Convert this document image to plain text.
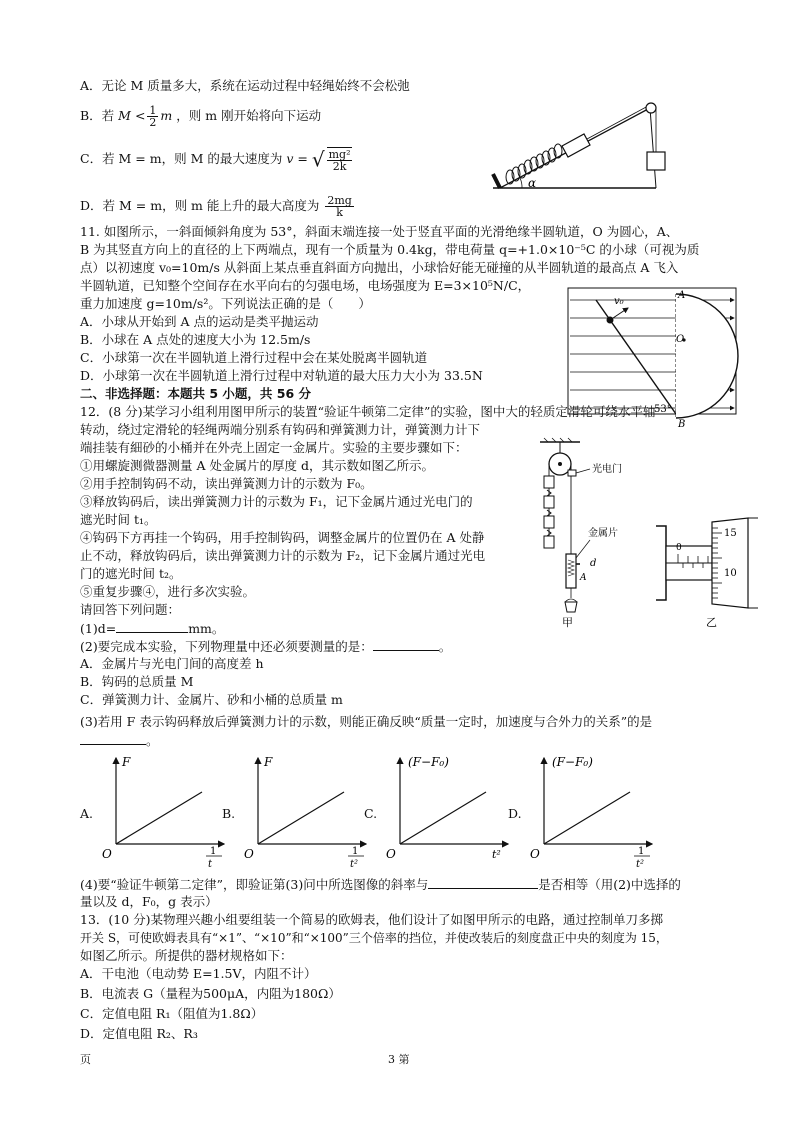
A．无论 M 质量多大，系统在运动过程中轻绳始终不会松弛
B．若 $M < \frac{1}{2}$ m ，则 m 刚开始将向下运动
C．若 M = m，则 M 的最大速度为 v = √ $\frac{\text{mg²}}{2k}$
D．若 M = m，则 m 能上升的最大高度为 $\frac{2mg}{k}$
α
11. 如图所示，一斜面倾斜角度为 53°，斜面末端连接一处于竖直平面的光滑绝缘半圆轨道，O 为圆心，A、
B 为其竖直方向上的直径的上下两端点，现有一个质量为 0.4kg，带电荷量 q=+1.0×10⁻⁵C 的小球（可视为质
点）以初速度 v₀=10m/s 从斜面上某点垂直斜面方向抛出，小球恰好能无碰撞的从半圆轨道的最高点 A 飞入
半圆轨道，已知整个空间存在水平向右的匀强电场，电场强度为 E=3×10⁵N/C，
重力加速度 g=10m/s²。下列说法正确的是（　　）
A．小球从开始到 A 点的运动是类平抛运动
B．小球在 A 点处的速度大小为 12.5m/s
C．小球第一次在半圆轨道上滑行过程中会在某处脱离半圆轨道
D．小球第一次在半圆轨道上滑行过程中对轨道的最大压力大小为 33.5N
v₀
A
O
B
53°
二、非选择题：本题共 5 小题，共 56 分
12．(8 分)某学习小组利用图甲所示的装置“验证牛顿第二定律”的实验，图中大的轻质定滑轮可绕水平轴
转动，绕过定滑轮的轻绳两端分别系有钩码和弹簧测力计，弹簧测力计下
端挂装有細砂的小桶并在外壳上固定一金属片。实验的主要步骤如下：
①用螺旋测微器测量 A 处金属片的厚度 d，其示数如图乙所示。
②用手控制钩码不动，读出弹簧测力计的示数为 F₀。
③释放钩码后，读出弹簧测力计的示数为 F₁，记下金属片通过光电门的
遮光时间 t₁。
④钩码下方再挂一个钩码，用手控制钩码，调整金属片的位置仍在 A 处静
止不动，释放钩码后，读出弹簧测力计的示数为 F₂，记下金属片通过光电
门的遮光时间 t₂。
⑤重复步骤④，进行多次实验。
请回答下列问题：
(1)d=	mm。
(2)要完成本实验，下列物理量中还必须要测量的是：	。
A．金属片与光电门间的高度差 h
B．钩码的总质量 M
C．弹簧测力计、金属片、砂和小桶的总质量 m
(3)若用 F 表示钩码释放后弹簧测力计的示数，则能正确反映“质量一定时，加速度与合外力的关系”的是
。
光电门
金属片
d
A
甲
0
15
10
乙
A.
F
O	1
t
B.
F
O	1
t²
C.
(F−F₀)
O	t²
D.
(F−F₀)
O	1
t²
(4)要“验证牛顿第二定律”，即验证第(3)问中所选图像的斜率与	是否相等（用(2)中选择的
量以及 d，F₀，g 表示）
13．(10 分)某物理兴趣小组要组装一个简易的欧姆表，他们设计了如图甲所示的电路，通过控制单刀多掷
开关 S，可使欧姆表具有“×1”、“×10”和“×100”三个倍率的挡位，并使改装后的刻度盘正中央的刻度为 15，
如图乙所示。所提供的器材规格如下：
A．干电池（电动势 E=1.5V，内阻不计）
B．电流表 G（量程为500μA，内阻为180Ω）
C．定值电阻 R₁（阻值为1.8Ω）
D．定值电阻 R₂、R₃
页	3 第
